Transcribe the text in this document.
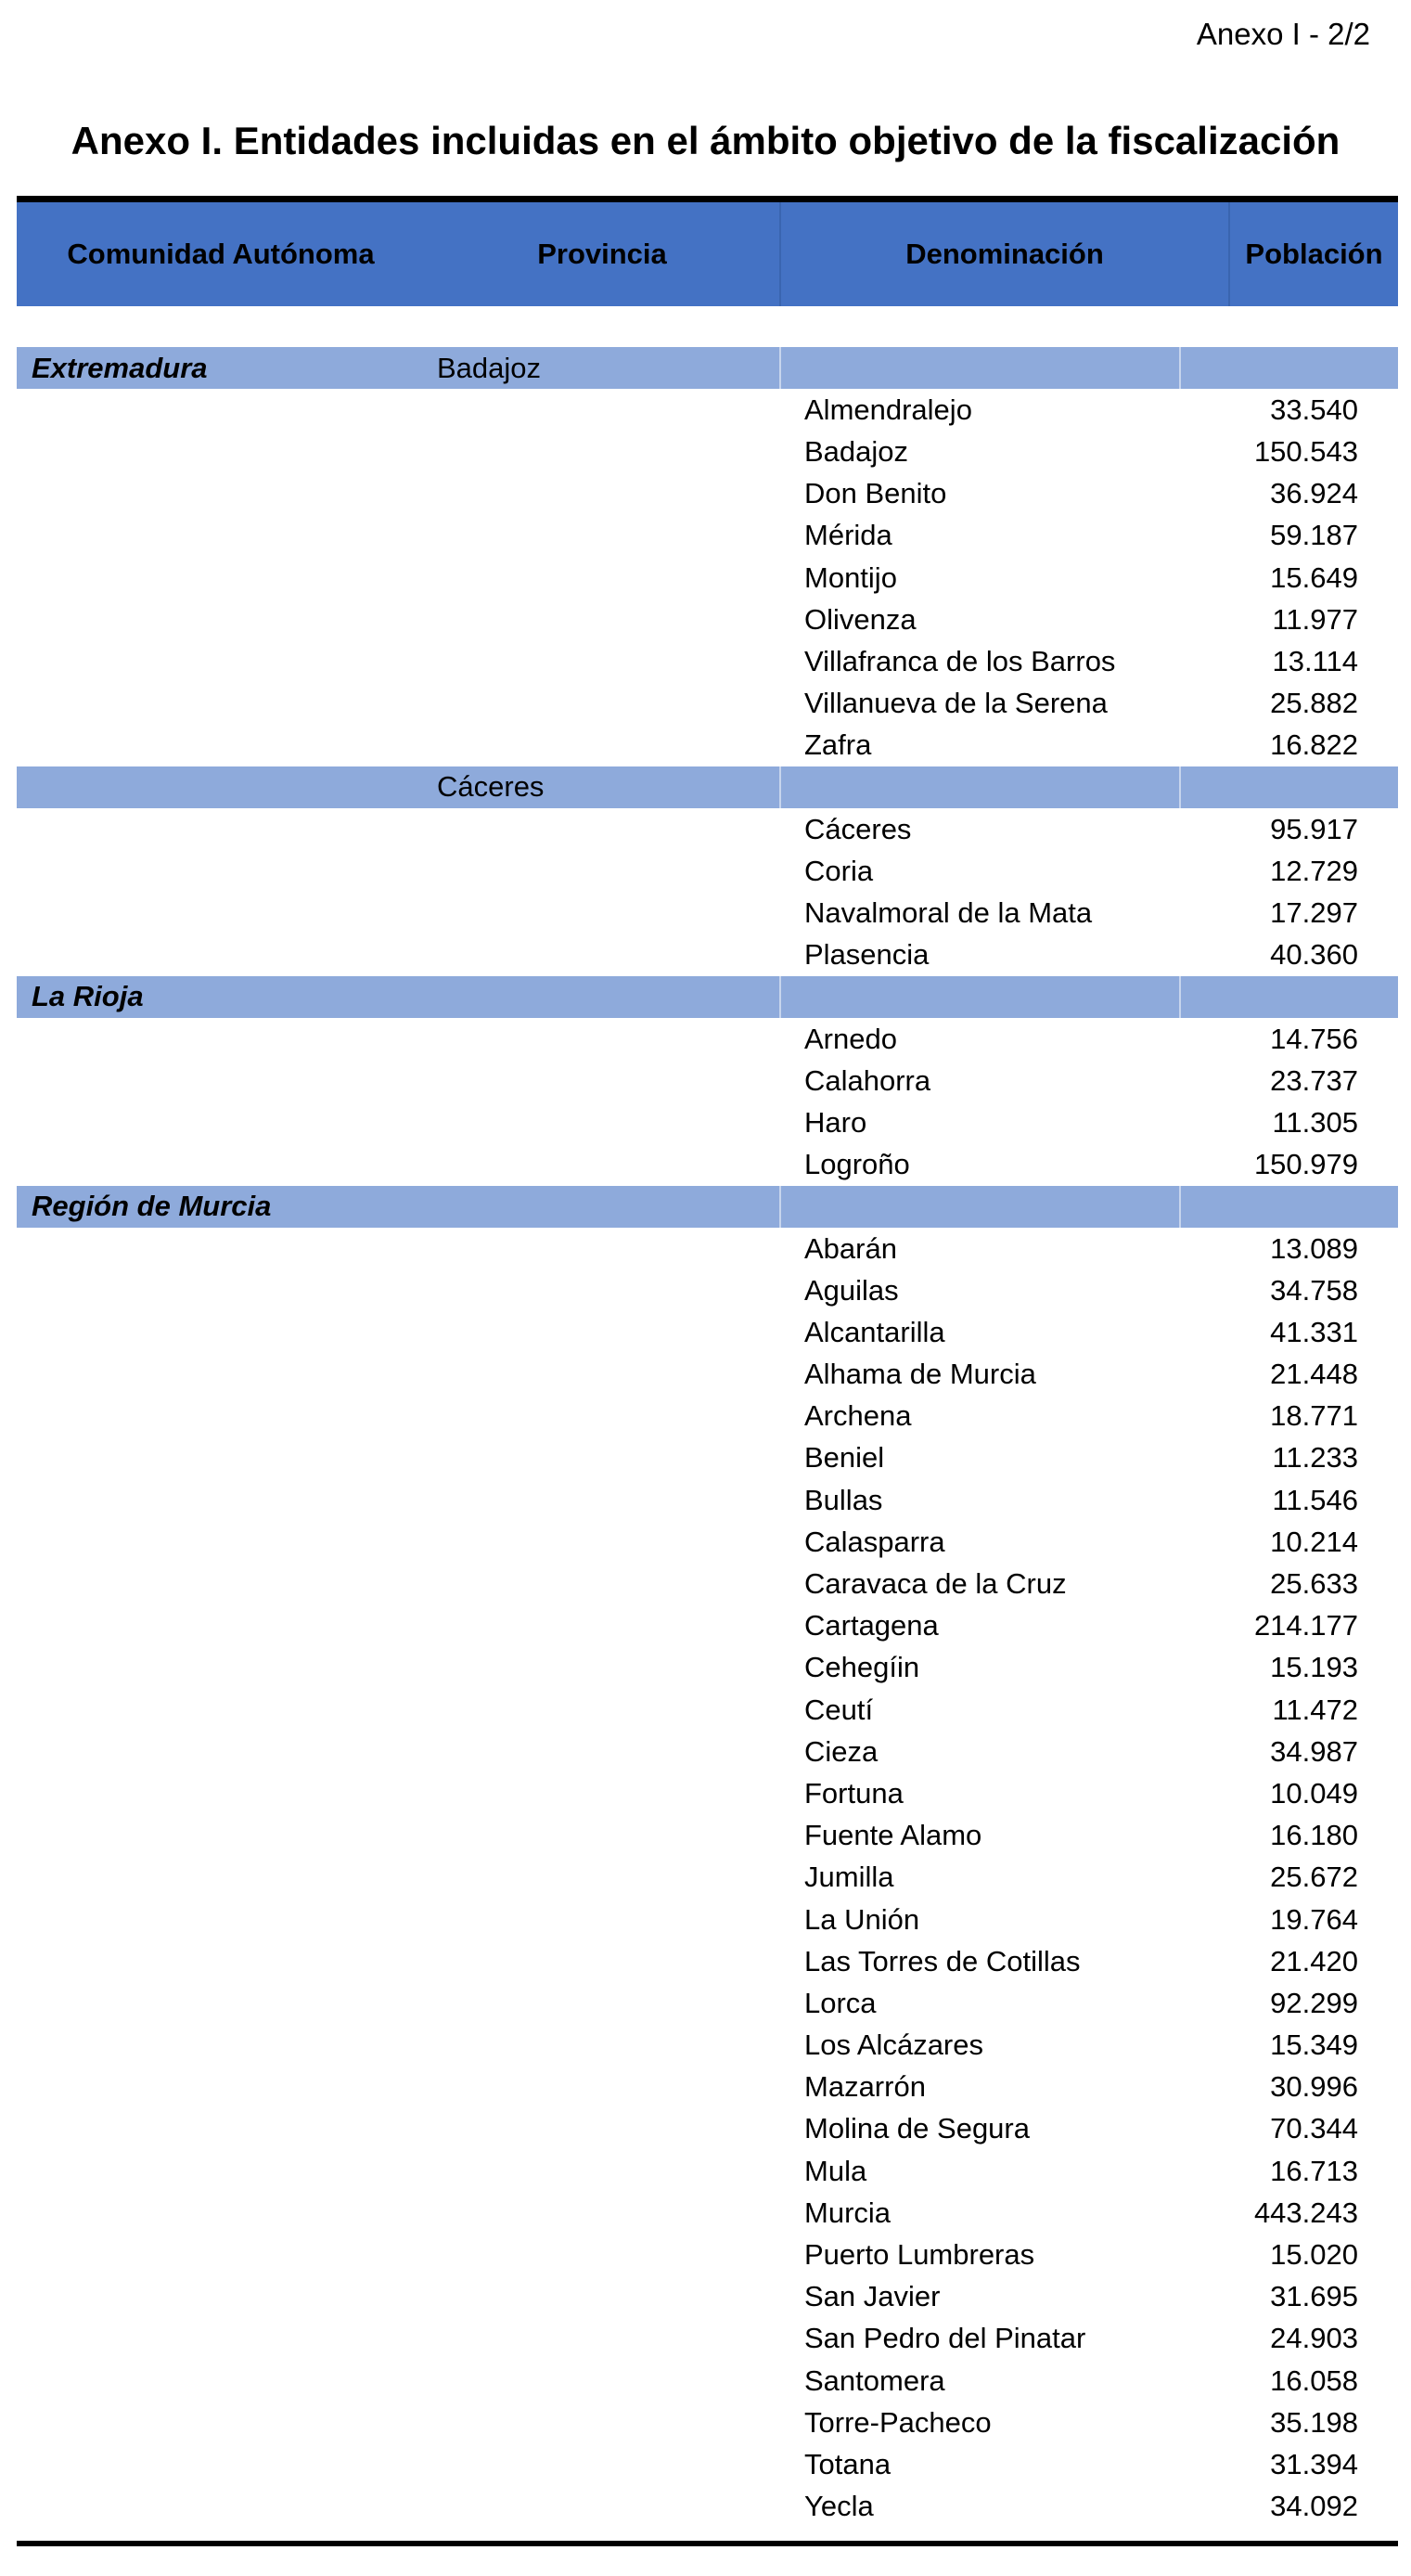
Anexo I - 2/2
Anexo I. Entidades incluidas en el ámbito objetivo de la fiscalización
Comunidad Autónoma	Provincia	Denominación	Población
Extremadura	Badajoz
Almendralejo	33.540
Badajoz	150.543
Don Benito	36.924
Mérida	59.187
Montijo	15.649
Olivenza	11.977
Villafranca de los Barros	13.114
Villanueva de la Serena	25.882
Zafra	16.822
Cáceres
Cáceres	95.917
Coria	12.729
Navalmoral de la Mata	17.297
Plasencia	40.360
La Rioja
Arnedo	14.756
Calahorra	23.737
Haro	11.305
Logroño	150.979
Región de Murcia
Abarán	13.089
Aguilas	34.758
Alcantarilla	41.331
Alhama de Murcia	21.448
Archena	18.771
Beniel	11.233
Bullas	11.546
Calasparra	10.214
Caravaca de la Cruz	25.633
Cartagena	214.177
Cehegíin	15.193
Ceutí	11.472
Cieza	34.987
Fortuna	10.049
Fuente Alamo	16.180
Jumilla	25.672
La Unión	19.764
Las Torres de Cotillas	21.420
Lorca	92.299
Los Alcázares	15.349
Mazarrón	30.996
Molina de Segura	70.344
Mula	16.713
Murcia	443.243
Puerto Lumbreras	15.020
San Javier	31.695
San Pedro del Pinatar	24.903
Santomera	16.058
Torre-Pacheco	35.198
Totana	31.394
Yecla	34.092
